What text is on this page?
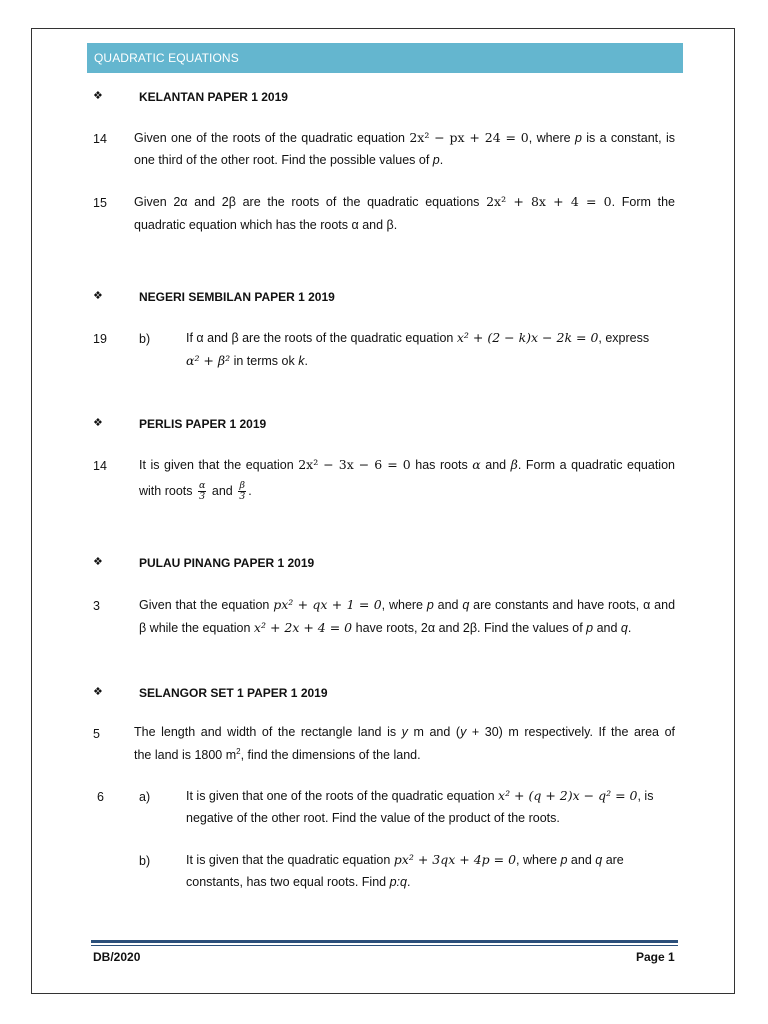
QUADRATIC EQUATIONS
❖	KELANTAN PAPER 1 2019
14 Given one of the roots of the quadratic equation 2x² − px + 24 = 0, where p is a constant, is
one third of the other root. Find the possible values of p.
15 Given 2α and 2β are the roots of the quadratic equations 2x² + 8x + 4 = 0. Form the
quadratic equation which has the roots α and β.
❖	NEGERI SEMBILAN PAPER 1 2019
19	b)	If α and β are the roots of the quadratic equation x² + (2 − k)x − 2k = 0, express
α² + β² in terms ok k.
❖	PERLIS PAPER 1 2019
14	It is given that the equation 2x² − 3x − 6 = 0 has roots α and β. Form a quadratic equation
with roots $\frac{\alpha}{3}$ and $\frac{\beta}{3}$ .
❖	PULAU PINANG PAPER 1 2019
3	Given that the equation px² + qx + 1 = 0, where p and q are constants and have roots, α and
β while the equation x² + 2x + 4 = 0 have roots, 2α and 2β. Find the values of p and q.
❖	SELANGOR SET 1 PAPER 1 2019
5	The length and width of the rectangle land is y m and (y + 30) m respectively. If the area of
the land is 1800 $m^2$, find the dimensions of the land.
6	a)	It is given that one of the roots of the quadratic equation x² + (q + 2)x − q² = 0, is
negative of the other root. Find the value of the product of the roots.
b)	It is given that the quadratic equation px² + 3qx + 4p = 0, where p and q are
constants, has two equal roots. Find p:q.
DB/2020	Page 1
